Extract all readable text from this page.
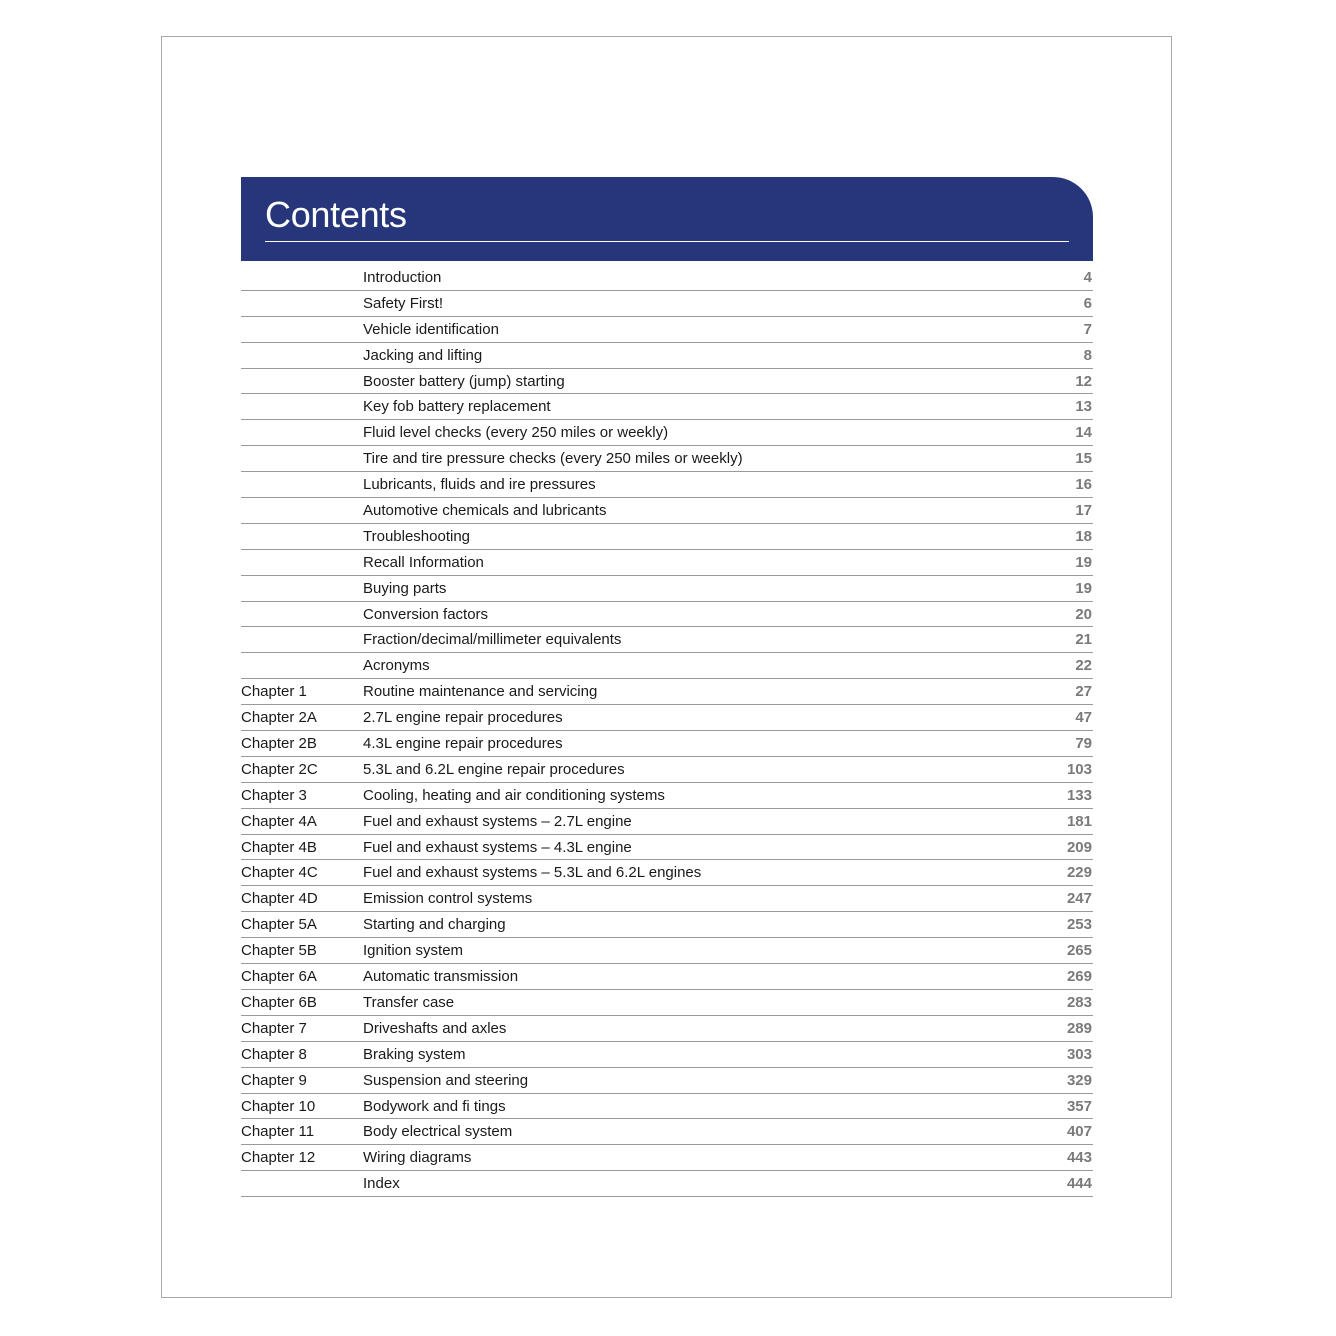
Contents
Introduction	4
Safety First!	6
Vehicle identification	7
Jacking and lifting	8
Booster battery (jump) starting	12
Key fob battery replacement	13
Fluid level checks (every 250 miles or weekly)	14
Tire and tire pressure checks (every 250 miles or weekly)	15
Lubricants, fluids and ire pressures	16
Automotive chemicals and lubricants	17
Troubleshooting	18
Recall Information	19
Buying parts	19
Conversion factors	20
Fraction/decimal/millimeter equivalents	21
Acronyms	22
Chapter 1	Routine maintenance and servicing	27
Chapter 2A	2.7L engine repair procedures	47
Chapter 2B	4.3L engine repair procedures	79
Chapter 2C	5.3L and 6.2L engine repair procedures	103
Chapter 3	Cooling, heating and air conditioning systems	133
Chapter 4A	Fuel and exhaust systems – 2.7L engine	181
Chapter 4B	Fuel and exhaust systems – 4.3L engine	209
Chapter 4C	Fuel and exhaust systems – 5.3L and 6.2L engines	229
Chapter 4D	Emission control systems	247
Chapter 5A	Starting and charging	253
Chapter 5B	Ignition system	265
Chapter 6A	Automatic transmission	269
Chapter 6B	Transfer case	283
Chapter 7	Driveshafts and axles	289
Chapter 8	Braking system	303
Chapter 9	Suspension and steering	329
Chapter 10	Bodywork and fi tings	357
Chapter 11	Body electrical system	407
Chapter 12	Wiring diagrams	443
Index	444
